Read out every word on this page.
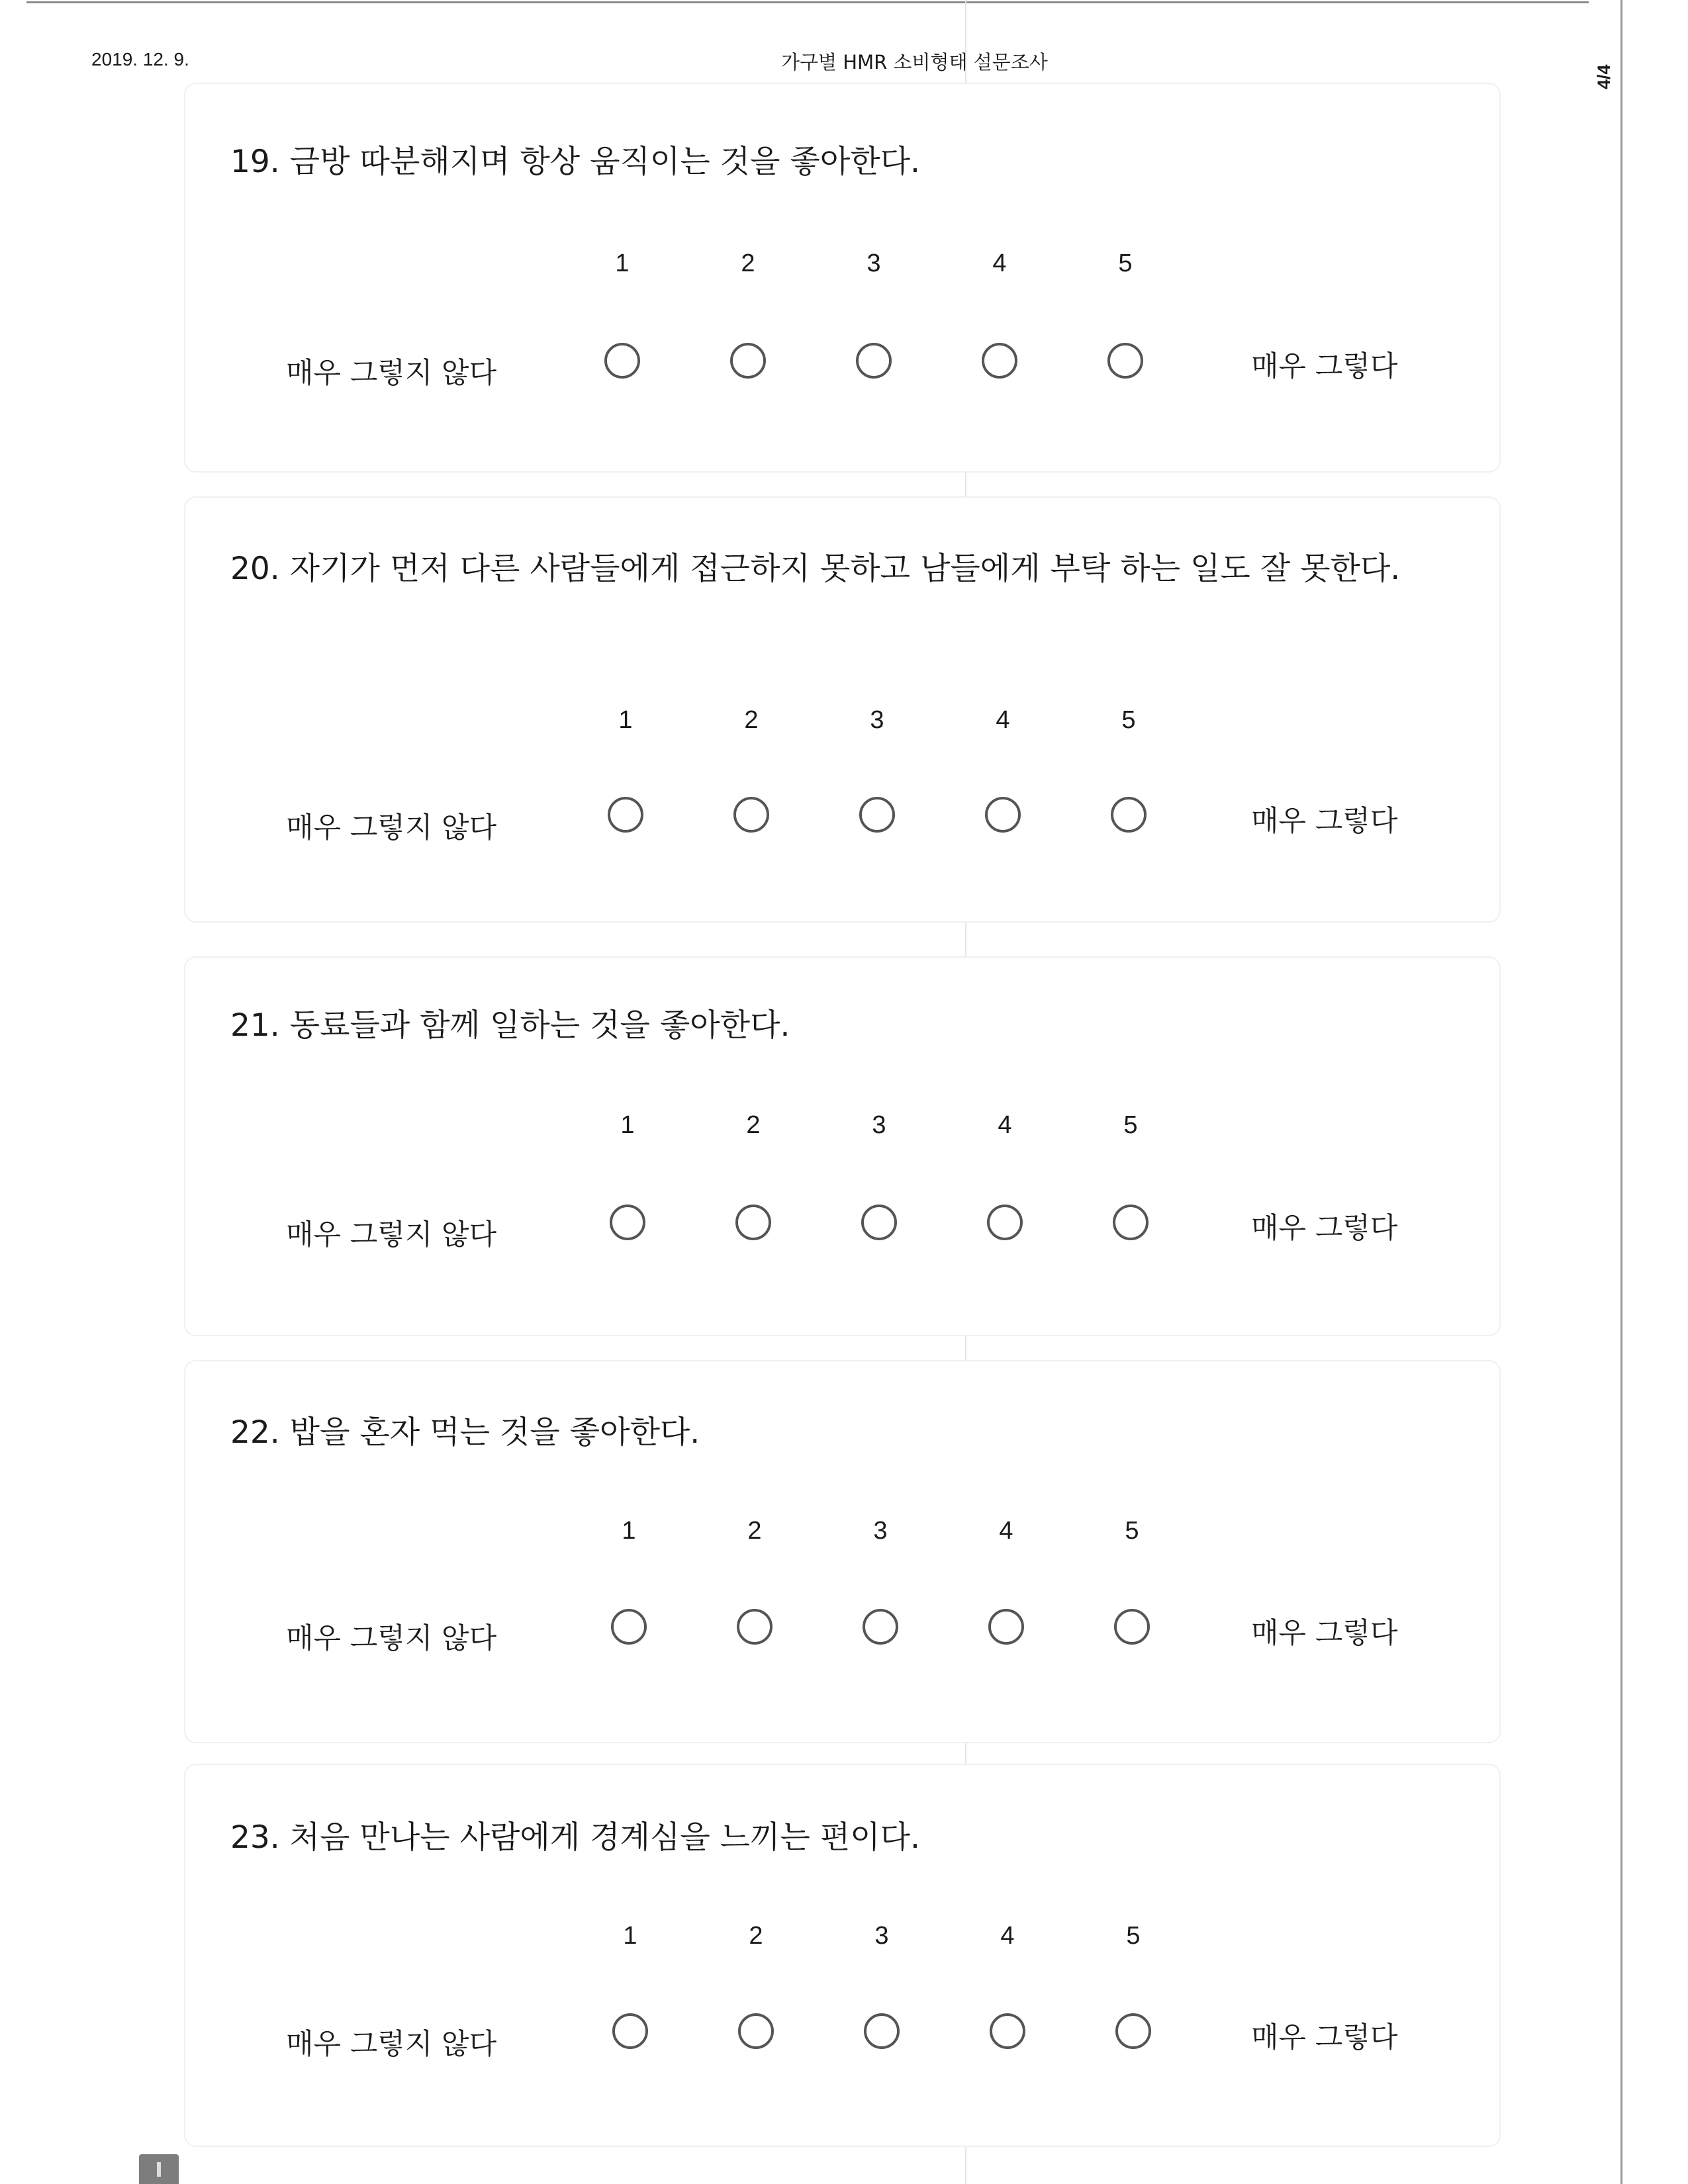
2019. 12. 9.	가구별 HMR 소비형태 설문조사
4/4
19. 금방 따분해지며 항상 움직이는 것을 좋아한다.
1	2	3	4	5
매우 그렇지 않다	매우 그렇다
20. 자기가 먼저 다른 사람들에게 접근하지 못하고 남들에게 부탁 하는 일도 잘 못한다.
1	2	3	4	5
매우 그렇지 않다	매우 그렇다
21. 동료들과 함께 일하는 것을 좋아한다.
1	2	3	4	5
매우 그렇지 않다	매우 그렇다
22. 밥을 혼자 먹는 것을 좋아한다.
1	2	3	4	5
매우 그렇지 않다	매우 그렇다
23. 처음 만나는 사람에게 경계심을 느끼는 편이다.
1	2	3	4	5
매우 그렇지 않다	매우 그렇다
